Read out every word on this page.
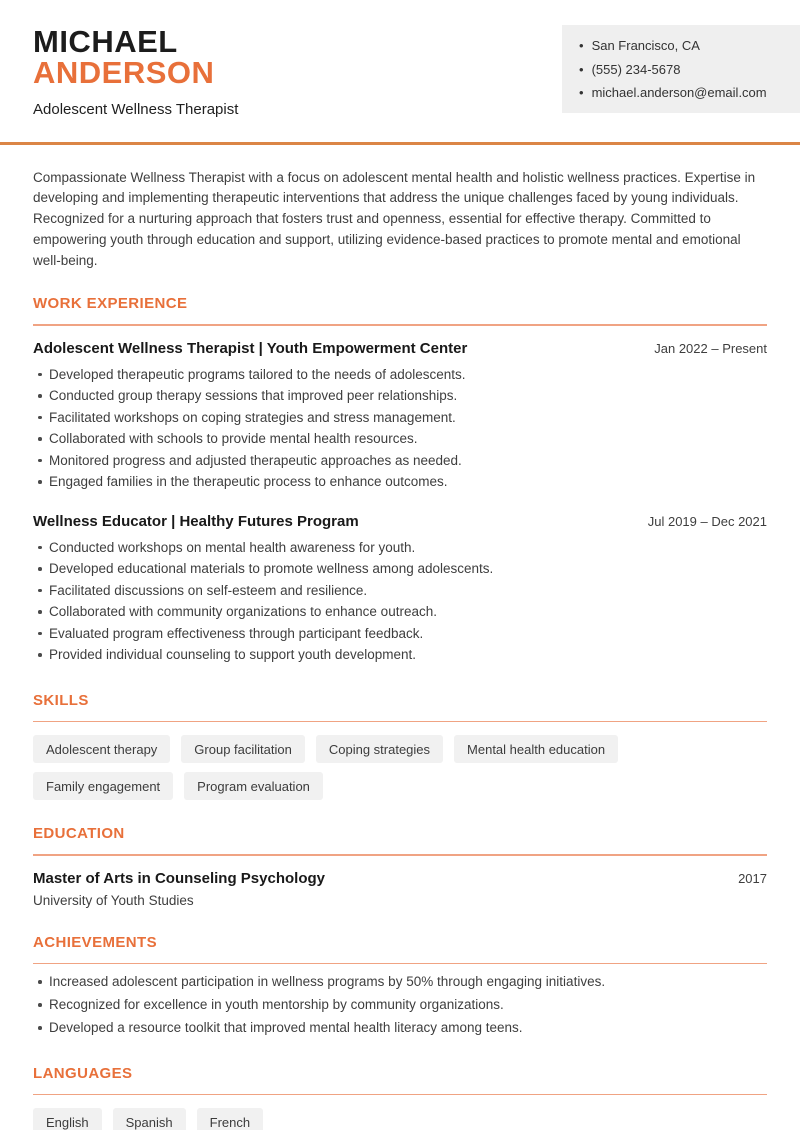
MICHAEL
ANDERSON
Adolescent Wellness Therapist
• San Francisco, CA
• (555) 234-5678
• michael.anderson@email.com

Compassionate Wellness Therapist with a focus on adolescent mental health and holistic wellness practices. Expertise in developing and implementing therapeutic interventions that address the unique challenges faced by young individuals. Recognized for a nurturing approach that fosters trust and openness, essential for effective therapy. Committed to empowering youth through education and support, utilizing evidence-based practices to promote mental and emotional well-being.

WORK EXPERIENCE
Adolescent Wellness Therapist | Youth Empowerment Center	Jan 2022 – Present
Developed therapeutic programs tailored to the needs of adolescents.
Conducted group therapy sessions that improved peer relationships.
Facilitated workshops on coping strategies and stress management.
Collaborated with schools to provide mental health resources.
Monitored progress and adjusted therapeutic approaches as needed.
Engaged families in the therapeutic process to enhance outcomes.
Wellness Educator | Healthy Futures Program	Jul 2019 – Dec 2021
Conducted workshops on mental health awareness for youth.
Developed educational materials to promote wellness among adolescents.
Facilitated discussions on self-esteem and resilience.
Collaborated with community organizations to enhance outreach.
Evaluated program effectiveness through participant feedback.
Provided individual counseling to support youth development.
SKILLS
Adolescent therapy	Group facilitation	Coping strategies	Mental health education
Family engagement	Program evaluation
EDUCATION
Master of Arts in Counseling Psychology	2017
University of Youth Studies
ACHIEVEMENTS
Increased adolescent participation in wellness programs by 50% through engaging initiatives.
Recognized for excellence in youth mentorship by community organizations.
Developed a resource toolkit that improved mental health literacy among teens.
LANGUAGES
English	Spanish	French
